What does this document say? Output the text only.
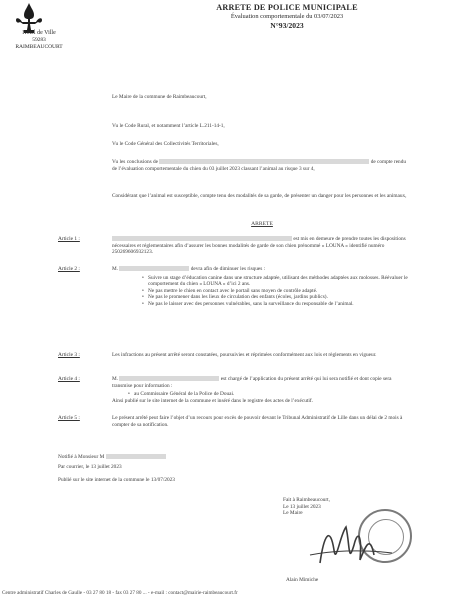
Hôtel de Ville
59283 RAIMBEAUCOURT
ARRETE DE POLICE MUNICIPALE
Évaluation comportementale du 03/07/2023
N°93/2023
Le Maire de la commune de Raimbeaucourt,
Vu le Code Rural, et notamment l’article L.211-14-1,
Vu le Code Général des Collectivités Territoriales,
Vu les conclusions de	de compte rendu de l’évaluation comportementale du chien du 03 juillet 2023 classant l’animal au risque 3 sur 4,
Considérant que l’animal est susceptible, compte tenu des modalités de sa garde, de présenter un danger pour les personnes et les animaux,
ARRETE
Article 1 :	est mis en demeure de prendre toutes les dispositions nécessaires et réglementaires afin d’assurer les bonnes modalités de garde de son chien prénommé « LOUNA » identifié numéro 250269606932123.
Article 2 :	M.	devra afin de diminuer les risques :
• Suivre un stage d’éducation canine dans une structure adaptée, utilisant des méthodes adaptées aux molosses. Réévaluer le comportement du chien « LOUNA » d’ici 2 ans.
• Ne pas mettre le chien en contact avec le portail sans moyen de contrôle adapté.
• Ne pas le promener dans les lieux de circulation des enfants (écoles, jardins publics).
• Ne pas le laisser avec des personnes vulnérables, sans la surveillance du responsable de l’animal.
Article 3 :	Les infractions au présent arrêté seront constatées, poursuivies et réprimées conformément aux lois et règlements en vigueur.
Article 4 :	M.	est chargé de l’application du présent arrêté qui lui sera notifié et dont copie sera transmise pour information :
• au Commissaire Général de la Police de Douai.
Ainsi publié sur le site internet de la commune et inséré dans le registre des actes de l’exécutif.
Article 5 :	Le présent arrêté peut faire l’objet d’un recours pour excès de pouvoir devant le Tribunal Administratif de Lille dans un délai de 2 mois à compter de sa notification.
Notifié à Monsieur M
Par courrier, le 13 juillet 2023
Publié sur le site internet de la commune le 13/07/2023
Fait à Raimbeaucourt,
Le 13 juillet 2023
Le Maire
Alain Mimiche
Centre administratif Charles de Gaulle - 03 27 80 18 - fax 03 27 80 ... - e-mail : contact@mairie-raimbeaucourt.fr
